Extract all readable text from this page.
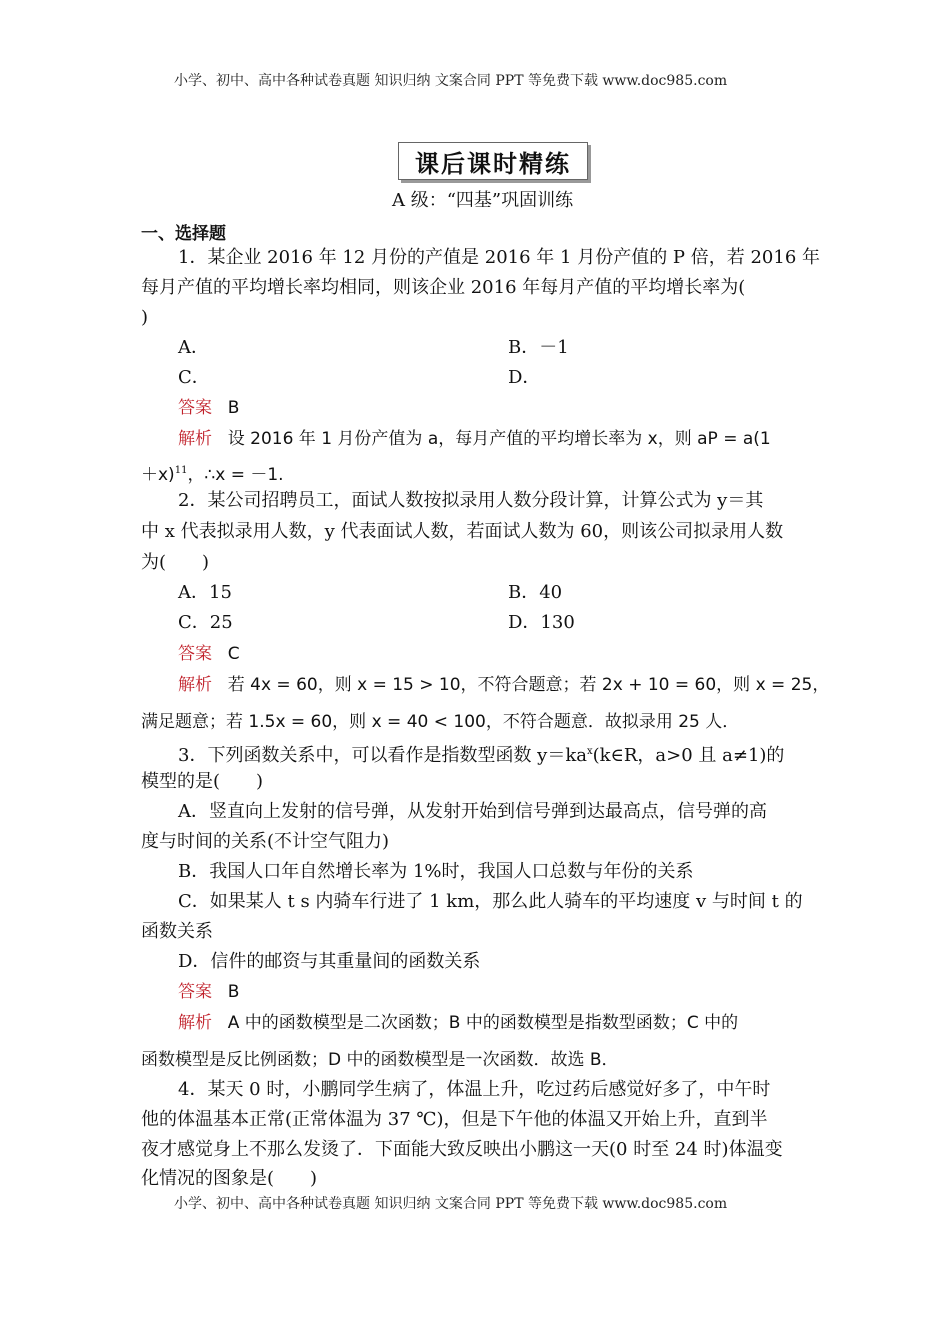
小学、初中、高中各种试卷真题 知识归纳 文案合同 PPT 等免费下载 www.doc985.com
课后课时精练
A 级：“四基”巩固训练
一、选择题
1．某企业 2016 年 12 月份的产值是 2016 年 1 月份产值的 P 倍，若 2016 年
每月产值的平均增长率均相同，则该企业 2016 年每月产值的平均增长率为(
)
A．	B．－1
C．	D．
答案 B
解析 设 2016 年 1 月份产值为 a，每月产值的平均增长率为 x，则 aP = a(1
＋x)$^{11}$，∴x = －1.
2．某公司招聘员工，面试人数按拟录用人数分段计算，计算公式为 y＝其
中 x 代表拟录用人数，y 代表面试人数，若面试人数为 60，则该公司拟录用人数
为(　　)
A．15	B．40
C．25	D．130
答案 C
解析 若 4x = 60，则 x = 15 > 10，不符合题意；若 2x + 10 = 60，则 x = 25，
满足题意；若 1.5x = 60，则 x = 40 < 100，不符合题意．故拟录用 25 人．
3．下列函数关系中，可以看作是指数型函数 $y=ka^x(k\in R$，a>0 且 a≠1)的
模型的是(　　)
A．竖直向上发射的信号弹，从发射开始到信号弹到达最高点，信号弹的高
度与时间的关系(不计空气阻力)
B．我国人口年自然增长率为 1%时，我国人口总数与年份的关系
C．如果某人 t s 内骑车行进了 1 km，那么此人骑车的平均速度 v 与时间 t 的
函数关系
D．信件的邮资与其重量间的函数关系
答案 B
解析 A 中的函数模型是二次函数；B 中的函数模型是指数型函数；C 中的
函数模型是反比例函数；D 中的函数模型是一次函数．故选 B．
4．某天 0 时，小鹏同学生病了，体温上升，吃过药后感觉好多了，中午时
他的体温基本正常(正常体温为 37 ℃)，但是下午他的体温又开始上升，直到半
夜才感觉身上不那么发烫了．下面能大致反映出小鹏这一天(0 时至 24 时)体温变
化情况的图象是(　　)
小学、初中、高中各种试卷真题 知识归纳 文案合同 PPT 等免费下载 www.doc985.com
